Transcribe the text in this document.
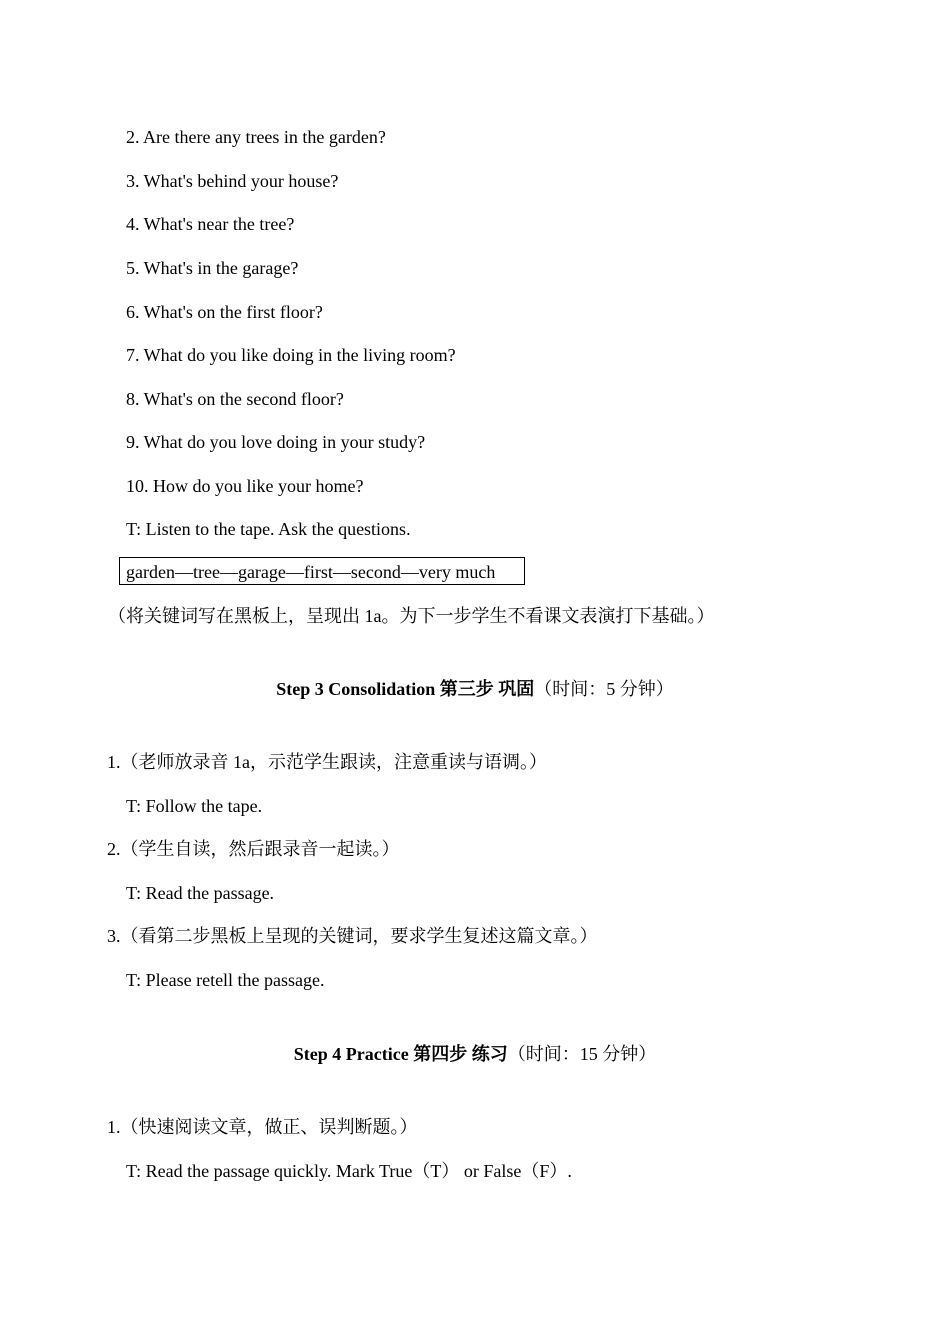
2. Are there any trees in the garden?
3. What's behind your house?
4. What's near the tree?
5. What's in the garage?
6. What's on the first floor?
7. What do you like doing in the living room?
8. What's on the second floor?
9. What do you love doing in your study?
10. How do you like your home?
T: Listen to the tape. Ask the questions.
garden—tree—garage—first—second—very much
（将关键词写在黑板上，呈现出 1a。为下一步学生不看课文表演打下基础。）
Step 3 Consolidation 第三步 巩固（时间：5 分钟）
1.（老师放录音 1a，示范学生跟读，注意重读与语调。）
T: Follow the tape.
2.（学生自读，然后跟录音一起读。）
T: Read the passage.
3.（看第二步黑板上呈现的关键词，要求学生复述这篇文章。）
T: Please retell the passage.
Step 4 Practice 第四步 练习（时间：15 分钟）
1.（快速阅读文章，做正、误判断题。）
T: Read the passage quickly. Mark True（T） or False（F）.
